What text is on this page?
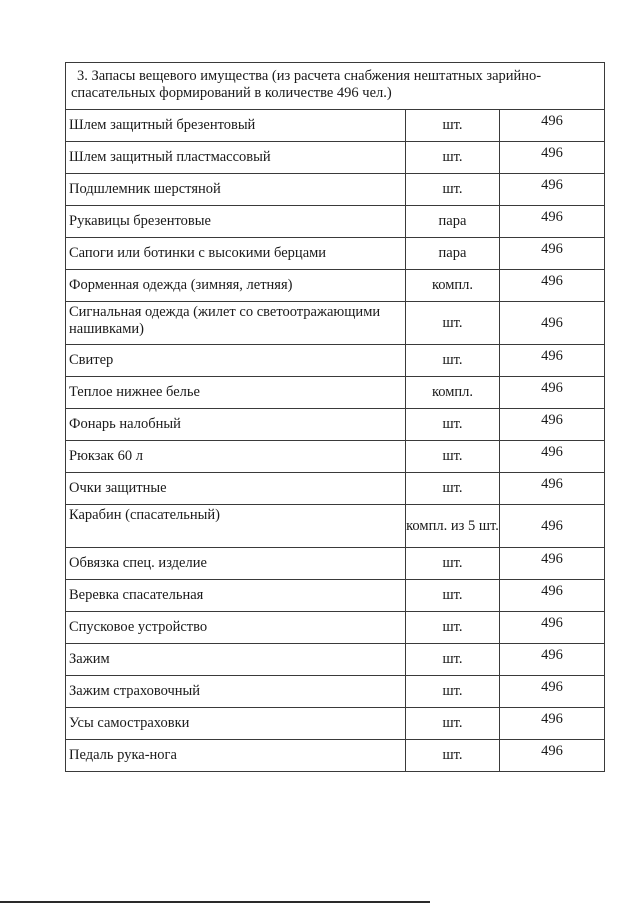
3. Запасы вещевого имущества (из расчета снабжения нештатных зарийно-спасательных формирований в количестве 496 чел.)		

Шлем защитный брезентовый	шт.	496
Шлем защитный пластмассовый	шт.	496
Подшлемник шерстяной	шт.	496
Рукавицы брезентовые	пара	496
Сапоги или ботинки с высокими берцами	пара	496
Форменная одежда (зимняя, летняя)	компл.	496
Сигнальная одежда (жилет со светоотражающими нашивками)	шт.	496
Свитер	шт.	496
Теплое нижнее белье	компл.	496
Фонарь налобный	шт.	496
Рюкзак 60 л	шт.	496
Очки защитные	шт.	496
Карабин (спасательный)	компл. из 5 шт.	496
Обвязка спец. изделие	шт.	496
Веревка спасательная	шт.	496
Спусковое устройство	шт.	496
Зажим	шт.	496
Зажим страховочный	шт.	496
Усы самостраховки	шт.	496
Педаль рука-нога	шт.	496
